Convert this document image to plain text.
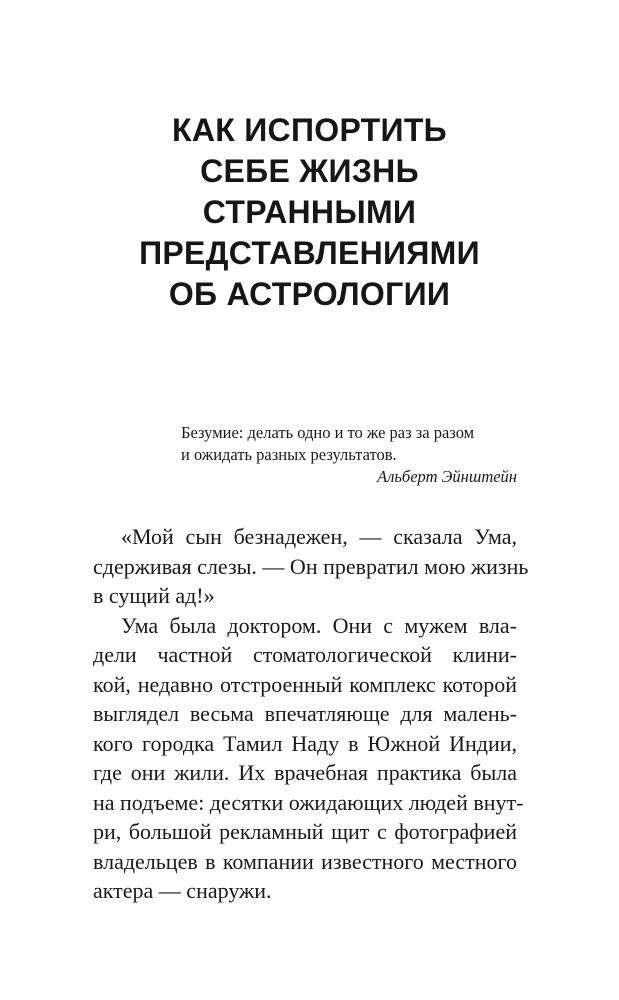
КАК ИСПОРТИТЬ
СЕБЕ ЖИЗНЬ
СТРАННЫМИ
ПРЕДСТАВЛЕНИЯМИ
ОБ АСТРОЛОГИИ
Безумие: делать одно и то же раз за разом
и ожидать разных результатов.
Альберт Эйнштейн
«Мой сын безнадежен, — сказала Ума,
сдерживая слезы. — Он превратил мою жизнь
в сущий ад!»
Ума была доктором. Они с мужем вла-
дели частной стоматологической клини-
кой, недавно отстроенный комплекс которой
выглядел весьма впечатляюще для малень-
кого городка Тамил Наду в Южной Индии,
где они жили. Их врачебная практика была
на подъеме: десятки ожидающих людей внут-
ри, большой рекламный щит с фотографией
владельцев в компании известного местного
актера — снаружи.
